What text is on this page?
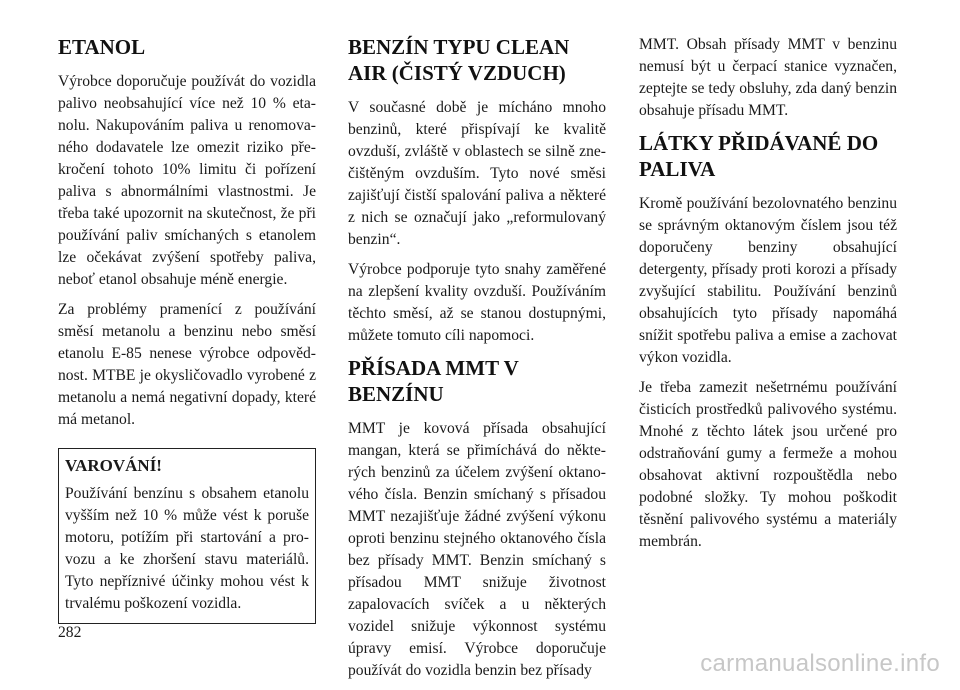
ETANOL

Výrobce doporučuje používát do vozidla palivo neobsahující více než 10 % etanolu. Nakupováním paliva u renomovaného dodavatele lze omezit riziko překročení tohoto 10% limitu či pořízení paliva s abnormálními vlastnostmi. Je třeba také upozornit na skutečnost, že při používání paliv smíchaných s etanolem lze očekávat zvýšení spotřeby paliva, neboť etanol obsahuje méně energie.

Za problémy pramenící z používání směsí metanolu a benzinu nebo směsí etanolu E-85 nenese výrobce odpovědnost. MTBE je okysličovadlo vyrobené z metanolu a nemá negativní dopady, které má metanol.

VAROVÁNÍ!

Používání benzínu s obsahem etanolu vyšším než 10 % může vést k poruše motoru, potížím při startování a provozu a ke zhoršení stavu materiálů. Tyto nepříznivé účinky mohou vést k trvalému poškození vozidla.

BENZÍN TYPU CLEAN AIR (ČISTÝ VZDUCH)

V současné době je mícháno mnoho benzinů, které přispívají ke kvalitě ovzduší, zvláště v oblastech se silně znečištěným ovzduším. Tyto nové směsi zajišťují čistší spalování paliva a některé z nich se označují jako „reformulovaný benzin“.

Výrobce podporuje tyto snahy zaměřené na zlepšení kvality ovzduší. Používáním těchto směsí, až se stanou dostupnými, můžete tomuto cíli napomoci.

PŘÍSADA MMT V BENZÍNU

MMT je kovová přísada obsahující mangan, která se přimíchává do některých benzinů za účelem zvýšení oktanového čísla. Benzin smíchaný s přísadou MMT nezajišťuje žádné zvýšení výkonu oproti benzinu stejného oktanového čísla bez přísady MMT. Benzin smíchaný s přísadou MMT snižuje životnost zapalovacích svíček a u některých vozidel snižuje výkonnost systému úpravy emisí. Výrobce doporučuje používát do vozidla benzin bez přísady

MMT. Obsah přísady MMT v benzinu nemusí být u čerpací stanice vyznačen, zeptejte se tedy obsluhy, zda daný benzin obsahuje přísadu MMT.

LÁTKY PŘIDÁVANÉ DO PALIVA

Kromě používání bezolovnatého benzinu se správným oktanovým číslem jsou též doporučeny benziny obsahující detergenty, přísady proti korozi a přísady zvyšující stabilitu. Používání benzinů obsahujících tyto přísady napomáhá snížit spotřebu paliva a emise a zachovat výkon vozidla.

Je třeba zamezit nešetrnému používání čisticích prostředků palivového systému. Mnohé z těchto látek jsou určené pro odstraňování gumy a fermeže a mohou obsahovat aktivní rozpouštědla nebo podobné složky. Ty mohou poškodit těsnění palivového systému a materiály membrán.

282
carmanualsonline.info
